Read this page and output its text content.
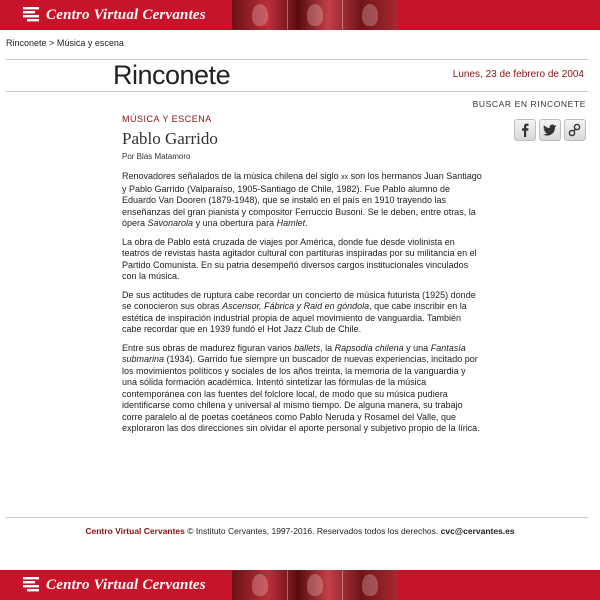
Centro Virtual Cervantes
Rinconete > Música y escena
Rinconete	Lunes, 23 de febrero de 2004
BUSCAR EN RINCONETE
MÚSICA Y ESCENA
Pablo Garrido
Por Blas Matamoro

Renovadores señalados de la música chilena del siglo xx son los hermanos Juan Santiago y Pablo Garrido (Valparaíso, 1905-Santiago de Chile, 1982). Fue Pablo alumno de Eduardo Van Dooren (1879-1948), que se instaló en el país en 1910 trayendo las enseñanzas del gran pianista y compositor Ferruccio Busoni. Se le deben, entre otras, la ópera Savonarola y una obertura para Hamlet.

La obra de Pablo está cruzada de viajes por América, donde fue desde violinista en teatros de revistas hasta agitador cultural con partituras inspiradas por su militancia en el Partido Comunista. En su patria desempeñó diversos cargos institucionales vinculados con la música.

De sus actitudes de ruptura cabe recordar un concierto de música futurista (1925) donde se conocieron sus obras Ascensor, Fábrica y Raid en góndola, que cabe inscribir en la estética de inspiración industrial propia de aquel movimiento de vanguardia. También cabe recordar que en 1939 fundó el Hot Jazz Club de Chile.

Entre sus obras de madurez figuran varios ballets, la Rapsodia chilena y una Fantasía submarina (1934). Garrido fue siempre un buscador de nuevas experiencias, incitado por los movimientos políticos y sociales de los años treinta, la memoria de la vanguardia y una sólida formación académica. Intentó sintetizar las fórmulas de la música contemporánea con las fuentes del folclore local, de modo que su música pudiera identificarse como chilena y universal al mismo tiempo. De alguna manera, su trabajo corre paralelo al de poetas coetáneos como Pablo Neruda y Rosamel del Valle, que exploraron las dos direcciones sin olvidar el aporte personal y subjetivo propio de la lírica.

Centro Virtual Cervantes © Instituto Cervantes, 1997-2016. Reservados todos los derechos. cvc@cervantes.es
Centro Virtual Cervantes
